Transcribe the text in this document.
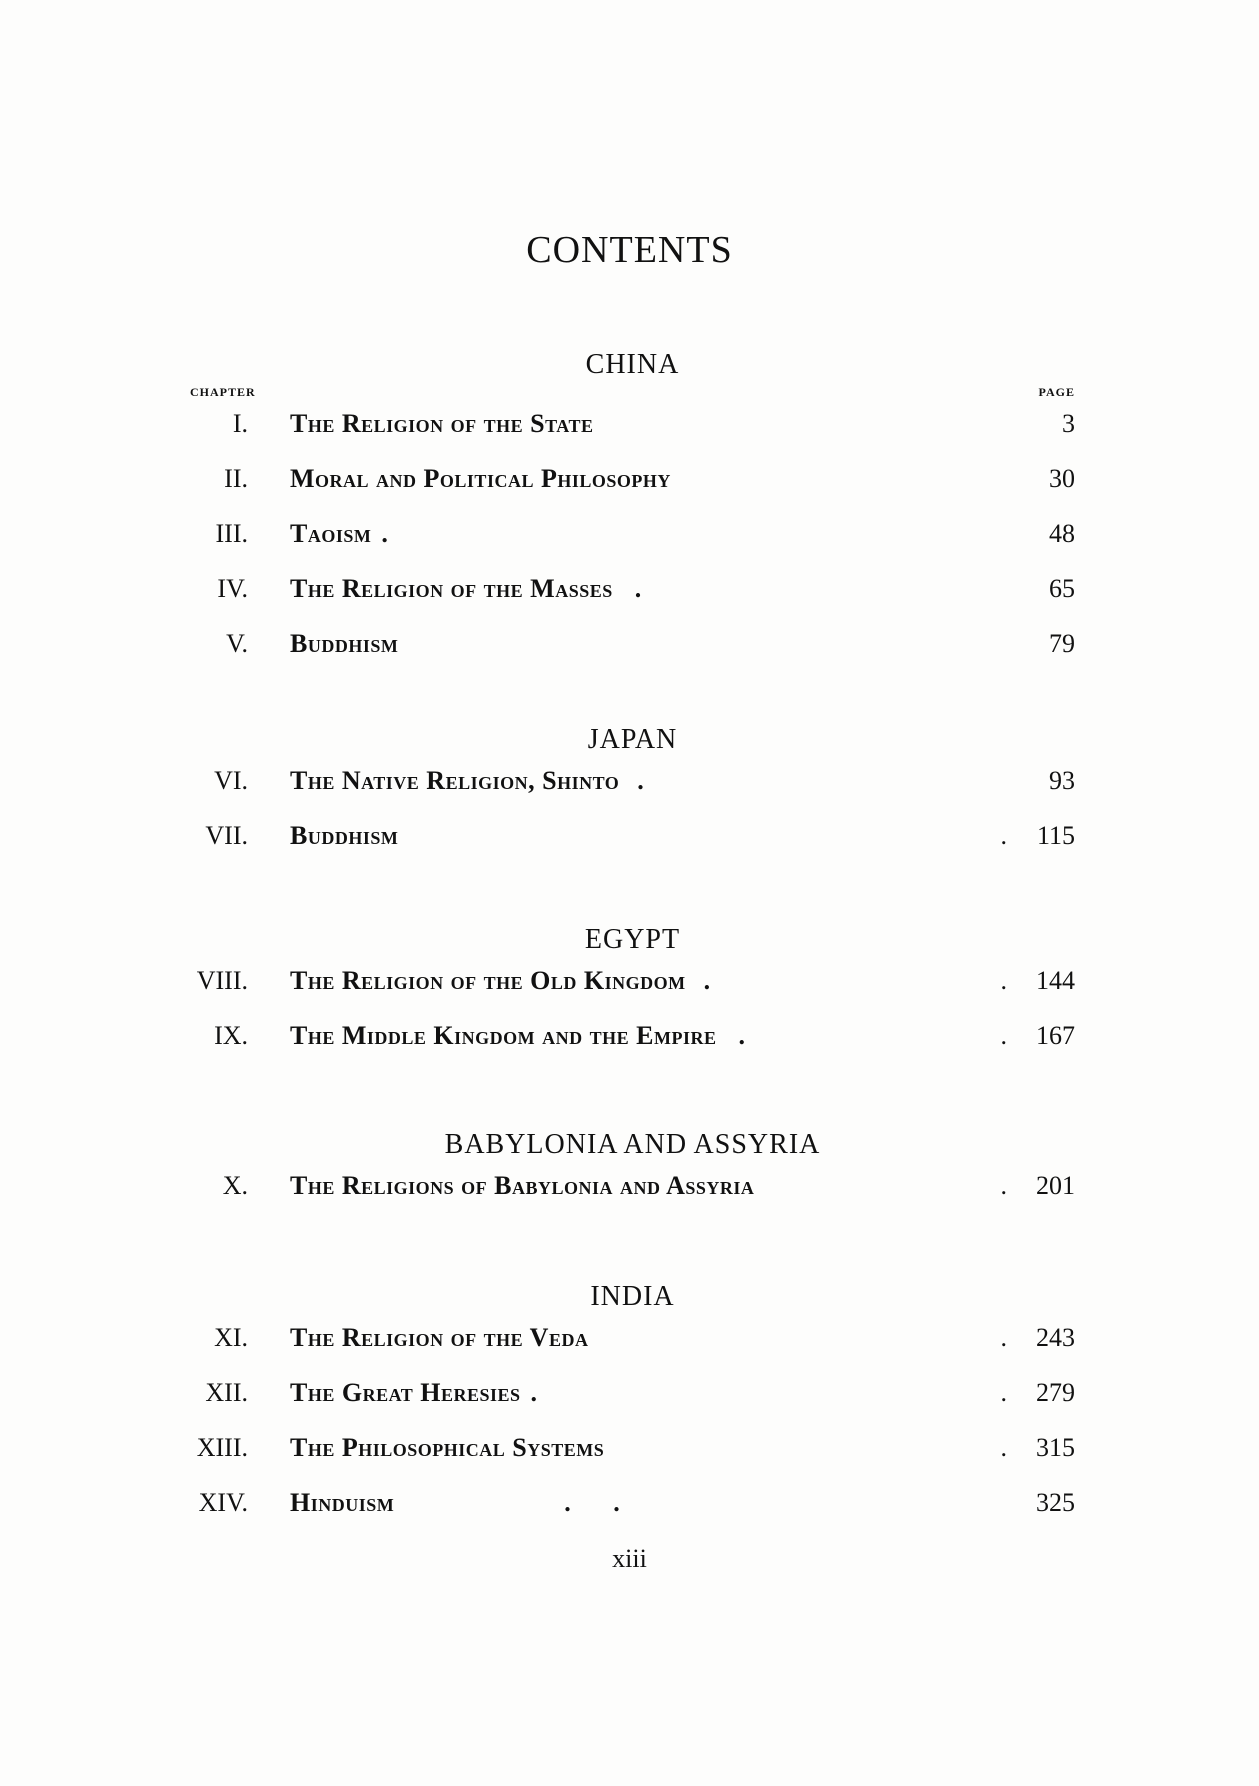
CONTENTS
CHINA
CHAPTER	PAGE
I. The Religion of the State	3
II. Moral and Political Philosophy	30
III. Taoism .	48
IV. The Religion of the Masses .	65
V. Buddhism	79
JAPAN
VI. The Native Religion, Shinto .	93
VII. Buddhism	. 115
EGYPT
VIII. The Religion of the Old Kingdom .	. 144
IX. The Middle Kingdom and the Empire .	. 167
BABYLONIA AND ASSYRIA
X. The Religions of Babylonia and Assyria	. 201
INDIA
XI. The Religion of the Veda	. 243
XII. The Great Heresies .	. 279
XIII. The Philosophical Systems	. 315
XIV. Hinduism	. .	325
xiii
